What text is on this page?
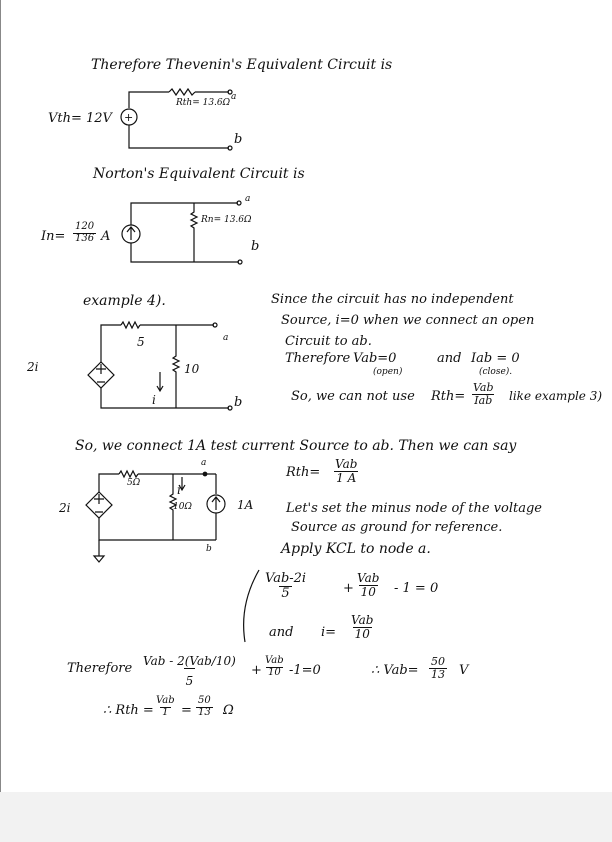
Therefore Thevenin's Equivalent Circuit is
Vth= 12V
Rth= 13.6Ω
a
b
+
Norton's Equivalent Circuit is
$In= \frac{120}{136}$ A
Rn= 13.6Ω
a
b
example 4).
2i
5
10
i
a
b
Since the circuit has no independent
Source, i=0 when we connect an open
Circuit to ab.
Therefore Vab=0
(open)
and Iab = 0
(close).
So, we can not use Rth=
Vab
Iab like example 3)
So, we connect 1A test current Source to ab. Then we can say
2i
5Ω
10Ω
i
1A
a
b
Rth=
Vab
1 A
Let's set the minus node of the voltage
Source as ground for reference.
Apply KCL to node a.
Vab-2i
5	+
Vab
10 - 1 = 0
and i=
Vab
10
Therefore Vab - 2(Vab/10)
5
+
Vab
10 -1=0	∴ $Vab= \frac{50}{13}$ V
∴ Rth =
Vab
$1 = \frac{50}{13}$ Ω
